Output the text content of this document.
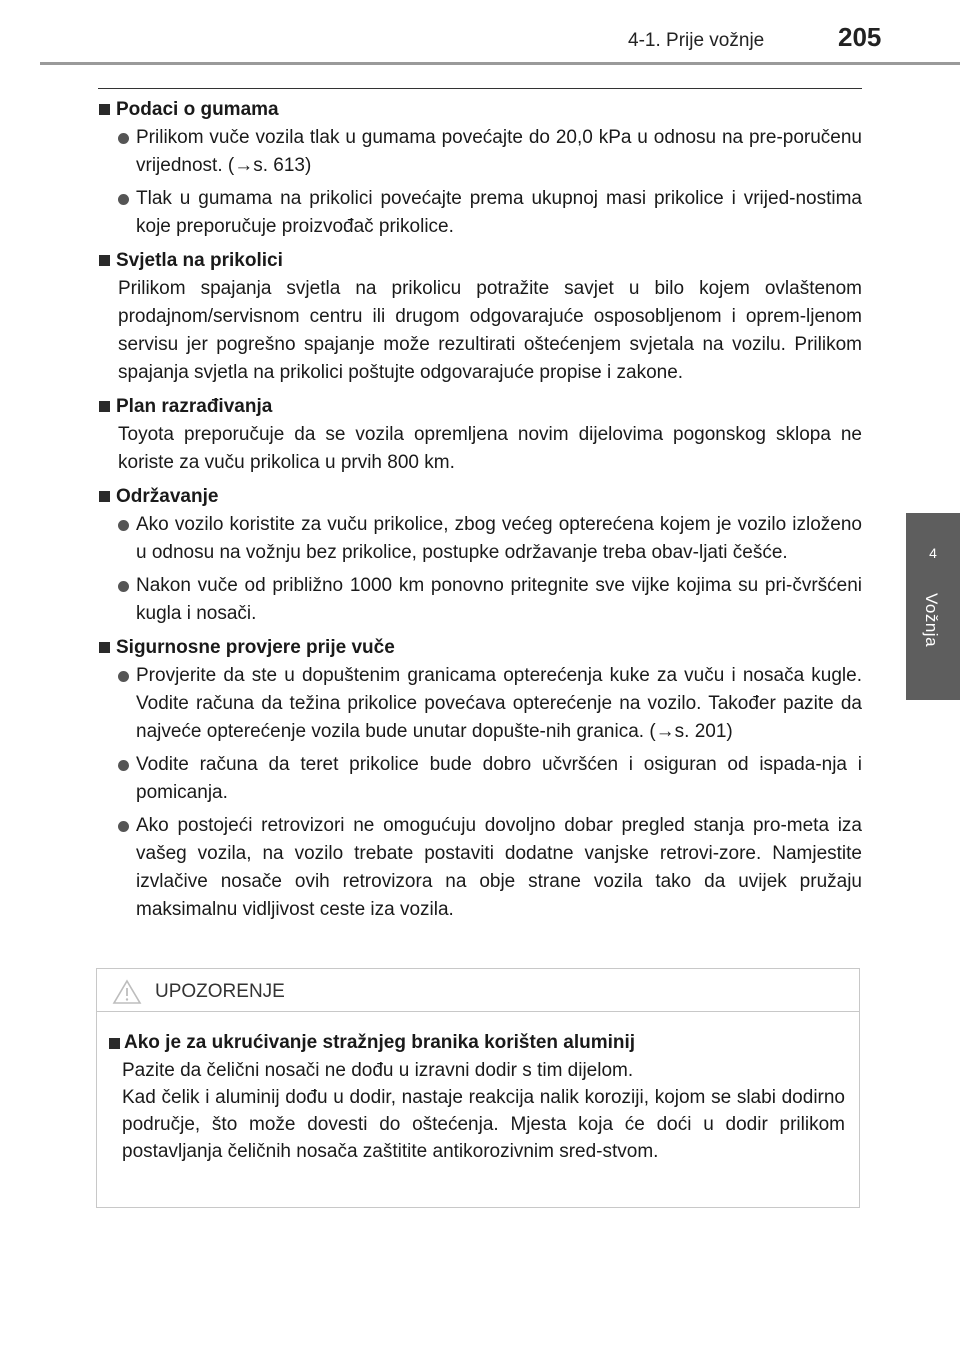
4-1. Prije vožnje	205
4
Vožnja
Podaci o gumama
Prilikom vuče vozila tlak u gumama povećajte do 20,0 kPa u odnosu na pre-poručenu vrijednost. (→s. 613)
Tlak u gumama na prikolici povećajte prema ukupnoj masi prikolice i vrijed-nostima koje preporučuje proizvođač prikolice.
Svjetla na prikolici
Prilikom spajanja svjetla na prikolicu potražite savjet u bilo kojem ovlaštenom prodajnom/servisnom centru ili drugom odgovarajuće osposobljenom i oprem-ljenom servisu jer pogrešno spajanje može rezultirati oštećenjem svjetala na vozilu. Prilikom spajanja svjetla na prikolici poštujte odgovarajuće propise i zakone.
Plan razrađivanja
Toyota preporučuje da se vozila opremljena novim dijelovima pogonskog sklopa ne koriste za vuču prikolica u prvih 800 km.
Održavanje
Ako vozilo koristite za vuču prikolice, zbog većeg opterećena kojem je vozilo izloženo u odnosu na vožnju bez prikolice, postupke održavanje treba obav-ljati češće.
Nakon vuče od približno 1000 km ponovno pritegnite sve vijke kojima su pri-čvršćeni kugla i nosači.
Sigurnosne provjere prije vuče
Provjerite da ste u dopuštenim granicama opterećenja kuke za vuču i nosača kugle. Vodite računa da težina prikolice povećava opterećenje na vozilo. Također pazite da najveće opterećenje vozila bude unutar dopušte-nih granica. (→s. 201)
Vodite računa da teret prikolice bude dobro učvršćen i osiguran od ispada-nja i pomicanja.
Ako postojeći retrovizori ne omogućuju dovoljno dobar pregled stanja pro-meta iza vašeg vozila, na vozilo trebate postaviti dodatne vanjske retrovi-zore. Namjestite izvlačive nosače ovih retrovizora na obje strane vozila tako da uvijek pružaju maksimalnu vidljivost ceste iza vozila.
UPOZORENJE
Ako je za ukrućivanje stražnjeg branika korišten aluminij
Pazite da čelični nosači ne dođu u izravni dodir s tim dijelom.
Kad čelik i aluminij dođu u dodir, nastaje reakcija nalik koroziji, kojom se slabi dodirno područje, što može dovesti do oštećenja. Mjesta koja će doći u dodir prilikom postavljanja čeličnih nosača zaštitite antikorozivnim sred-stvom.
